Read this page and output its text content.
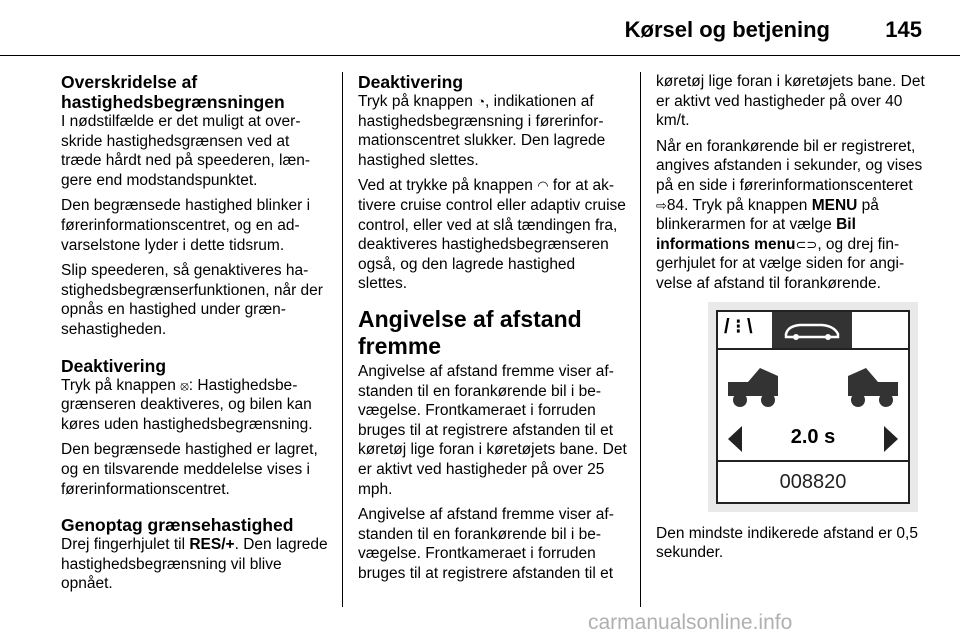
Kørsel og betjening	145
Overskridelse af hastighedsbegrænsningen

I nødstilfælde er det muligt at overskride hastighedsgrænsen ved at træde hårdt ned på speederen, længere end modstandspunktet.

Den begrænsede hastighed blinker i førerinformationscentret, og en advarselstone lyder i dette tidsrum.

Slip speederen, så genaktiveres hastighedsbegrænserfunktionen, når der opnås en hastighed under grænsehastigheden.

Deaktivering

Tryk på knappen ⦻: Hastighedsbegrænseren deaktiveres, og bilen kan køres uden hastighedsbegrænsning.

Den begrænsede hastighed er lagret, og en tilsvarende meddelelse vises i førerinformationscentret.

Genoptag grænsehastighed

Drej fingerhjulet til RES/+. Den lagrede hastighedsbegrænsning vil blive opnået.

Deaktivering

Tryk på knappen ◔, indikationen af hastighedsbegrænsning i førerinformationscentret slukker. Den lagrede hastighed slettes.

Ved at trykke på knappen ◠ for at aktivere cruise control eller adaptiv cruise control, eller ved at slå tændingen fra, deaktiveres hastighedsbegrænseren også, og den lagrede hastighed slettes.

Angivelse af afstand fremme

Angivelse af afstand fremme viser afstanden til en forankørende bil i bevægelse. Frontkameraet i forruden bruges til at registrere afstanden til et køretøj lige foran i køretøjets bane. Det er aktivt ved hastigheder på over 25 mph.

Angivelse af afstand fremme viser afstanden til en forankørende bil i bevægelse. Frontkameraet i forruden bruges til at registrere afstanden til et

køretøj lige foran i køretøjets bane. Det er aktivt ved hastigheder på over 40 km/t.

Når en forankørende bil er registreret, angives afstanden i sekunder, og vises på en side i førerinformationscenteret ⇨84. Tryk på knappen MENU på blinkerarmen for at vælge Bil informations menu⊂⊃, og drej fingerhjulet for at vælge siden for angivelse af afstand til forankørende.

/ ⁝ \
2.0 s
008820

Den mindste indikerede afstand er 0,5 sekunder.

carmanualsonline.info
